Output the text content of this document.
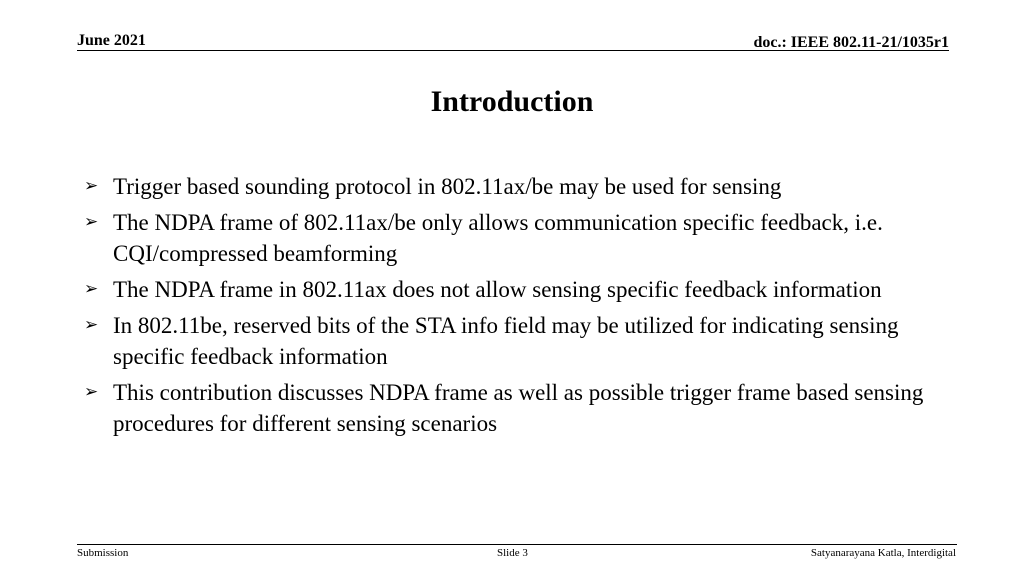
June 2021	doc.: IEEE 802.11-21/1035r1
Introduction
➢ Trigger based sounding protocol in 802.11ax/be may be used for sensing
➢ The NDPA frame of 802.11ax/be only allows communication specific feedback, i.e. CQI/compressed beamforming
➢ The NDPA frame in 802.11ax does not allow sensing specific feedback information
➢ In 802.11be, reserved bits of the STA info field may be utilized for indicating sensing specific feedback information
➢ This contribution discusses NDPA frame as well as possible trigger frame based sensing procedures for different sensing scenarios
Submission	Slide 3	Satyanarayana Katla, Interdigital
